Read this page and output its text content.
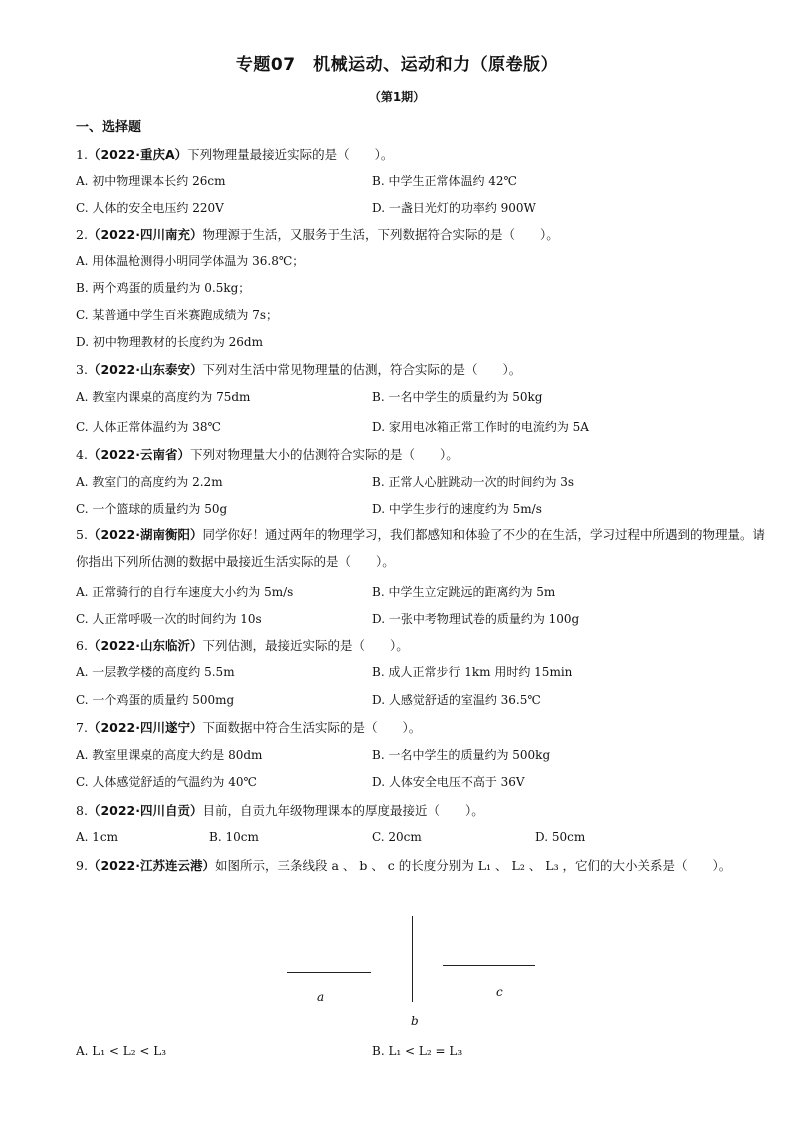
专题07　机械运动、运动和力（原卷版）
（第1期）
一、选择题
1.（2022·重庆A）下列物理量最接近实际的是（　　）。
A. 初中物理课本长约 26cm	B. 中学生正常体温约 42℃
C. 人体的安全电压约 220V	D. 一盏日光灯的功率约 900W
2.（2022·四川南充）物理源于生活，又服务于生活，下列数据符合实际的是（　　）。
A. 用体温枪测得小明同学体温为 36.8℃；
B. 两个鸡蛋的质量约为 0.5kg；
C. 某普通中学生百米赛跑成绩为 7s；
D. 初中物理教材的长度约为 26dm
3.（2022·山东泰安）下列对生活中常见物理量的估测，符合实际的是（　　）。
A. 教室内课桌的高度约为 75dm	B. 一名中学生的质量约为 50kg
C. 人体正常体温约为 38℃	D. 家用电冰箱正常工作时的电流约为 5A
4.（2022·云南省）下列对物理量大小的估测符合实际的是（　　）。
A. 教室门的高度约为 2.2m	B. 正常人心脏跳动一次的时间约为 3s
C. 一个篮球的质量约为 50g	D. 中学生步行的速度约为 5m/s
5.（2022·湖南衡阳）同学你好！通过两年的物理学习，我们都感知和体验了不少的在生活，学习过程中所遇到的物理量。请你指出下列所估测的数据中最接近生活实际的是（　　）。
A. 正常骑行的自行车速度大小约为 5m/s	B. 中学生立定跳远的距离约为 5m
C. 人正常呼吸一次的时间约为 10s	D. 一张中考物理试卷的质量约为 100g
6.（2022·山东临沂）下列估测，最接近实际的是（　　）。
A. 一层教学楼的高度约 5.5m	B. 成人正常步行 1km 用时约 15min
C. 一个鸡蛋的质量约 500mg	D. 人感觉舒适的室温约 36.5℃
7.（2022·四川遂宁）下面数据中符合生活实际的是（　　）。
A. 教室里课桌的高度大约是 80dm	B. 一名中学生的质量约为 500kg
C. 人体感觉舒适的气温约为 40℃	D. 人体安全电压不高于 36V
8.（2022·四川自贡）目前，自贡九年级物理课本的厚度最接近（　　）。
A. 1cm	B. 10cm	C. 20cm	D. 50cm
9.（2022·江苏连云港）如图所示，三条线段 a 、 b 、 c 的长度分别为 L₁ 、 L₂ 、 L₃ ，它们的大小关系是（　　）。
a
b
c
A. L₁ < L₂ < L₃	B. L₁ < L₂ = L₃
